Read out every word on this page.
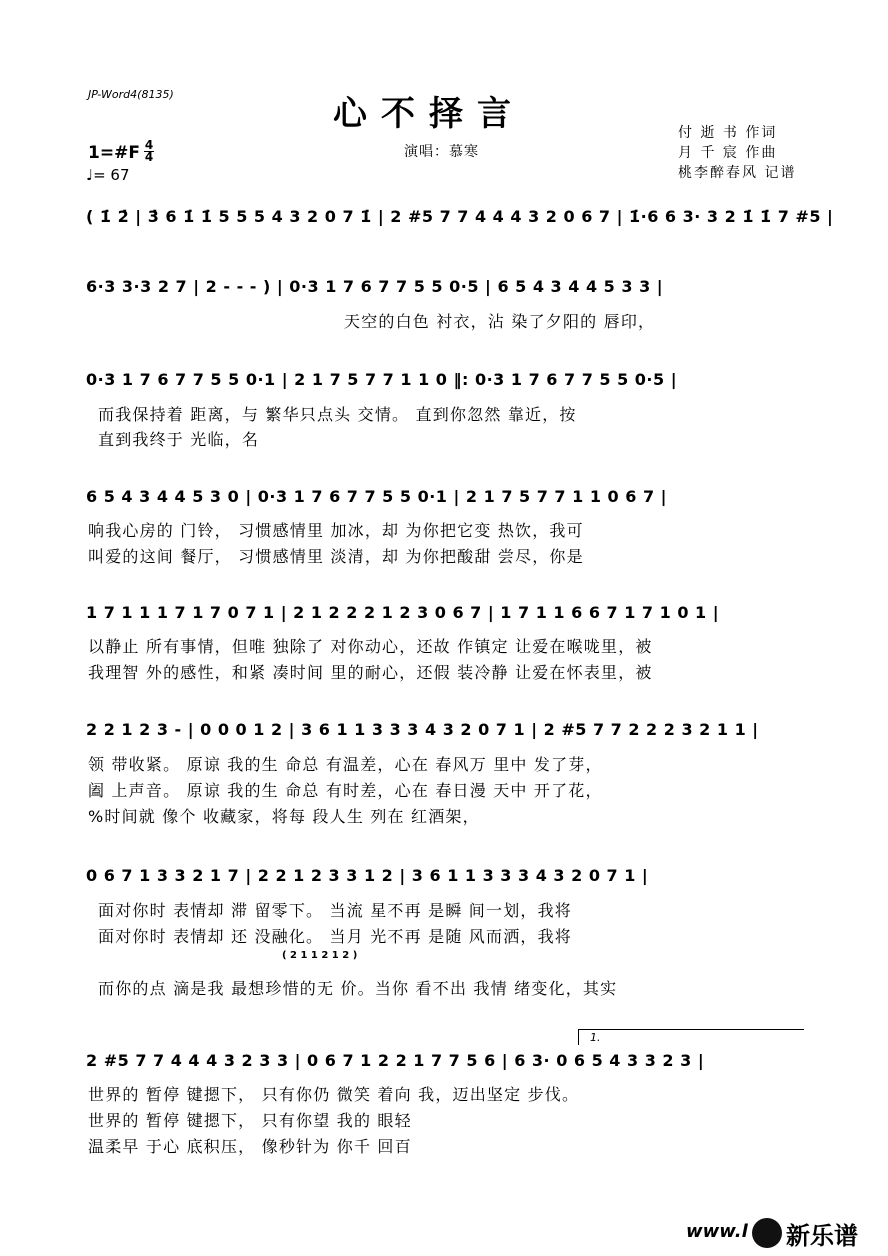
JP-Word4(8135)	心不择言
演唱：慕寒
1=#F 4
4
♩= 67
付 逝 书 作词
月 千 宸 作曲
桃李醉春风 记谱
( 1̇ 2̇ | 3̇ 6 1̇ 1̇ 5 5 5 4 3 2 0 7 1̇ | 2 #5 7 7 4 4 4 3 2 0 6 7 | 1̇·6 6 3· 3 2 1̇ 1̇ 7 #5 |
6·3 3·3 2 7 | 2 - - - ) | 0·3 1 7 6 7 7 5 5 0·5 | 6 5 4 3 4 4 5 3 3 |
天空的白色 衬衣，沾 染了夕阳的 唇印，
0·3 1 7 6 7 7 5 5 0·1 | 2 1 7 5 7 7 1 1 0 ‖: 0·3 1 7 6 7 7 5 5 0·5 |
而我保持着 距离，与 繁华只点头 交情。 直到你忽然 靠近，按
直到我终于 光临，名
6 5 4 3 4 4 5 3 0 | 0·3 1 7 6 7 7 5 5 0·1 | 2 1 7 5 7 7 1 1 0 6 7 |
响我心房的 门铃， 习惯感情里 加冰，却 为你把它变 热饮，我可
叫爱的这间 餐厅， 习惯感情里 淡清，却 为你把酸甜 尝尽，你是
1 7 1 1 1 7 1 7 0 7 1 | 2 1 2 2 2 1 2 3 0 6 7 | 1 7 1 1 6 6 7 1 7 1 0 1 |
以静止 所有事情，但唯 独除了 对你动心，还故 作镇定 让爱在喉咙里，被
我理智 外的感性，和紧 凑时间 里的耐心，还假 装冷静 让爱在怀表里，被
2 2 1 2 3 - | 0 0 0 1 2 | 3 6 1 1 3 3 3 4 3 2 0 7 1 | 2 #5 7 7 2 2 2 3 2 1 1 |
领 带收紧。 原谅 我的生 命总 有温差，心在 春风万 里中 发了芽，
阖 上声音。 原谅 我的生 命总 有时差，心在 春日漫 天中 开了花，
%时间就 像个 收藏家，将每 段人生 列在 红酒架，
0 6 7 1 3 3 2 1 7 | 2 2 1 2 3 3 1 2 | 3 6 1 1 3 3 3 4 3 2 0 7 1 |
面对你时 表情却 滞 留零下。 当流 星不再 是瞬 间一划，我将
面对你时 表情却 还 没融化。 当月 光不再 是随 风而洒，我将
( 2 1 1 2 1 2 )
而你的点 滴是我 最想珍惜的无 价。当你 看不出 我情 绪变化，其实
1.
2 #5 7 7 4 4 4 3 2 3 3 | 0 6 7 1 2 2 1 7 7 5 6 | 6 3· 0 6 5 4 3 3 2 3 |
世界的 暂停 键摁下， 只有你仍 微笑 着向 我，迈出坚定 步伐。
世界的 暂停 键摁下， 只有你望 我的 眼轻
温柔早 于心 底积压， 像秒针为 你千 回百
www.l 新乐谱
